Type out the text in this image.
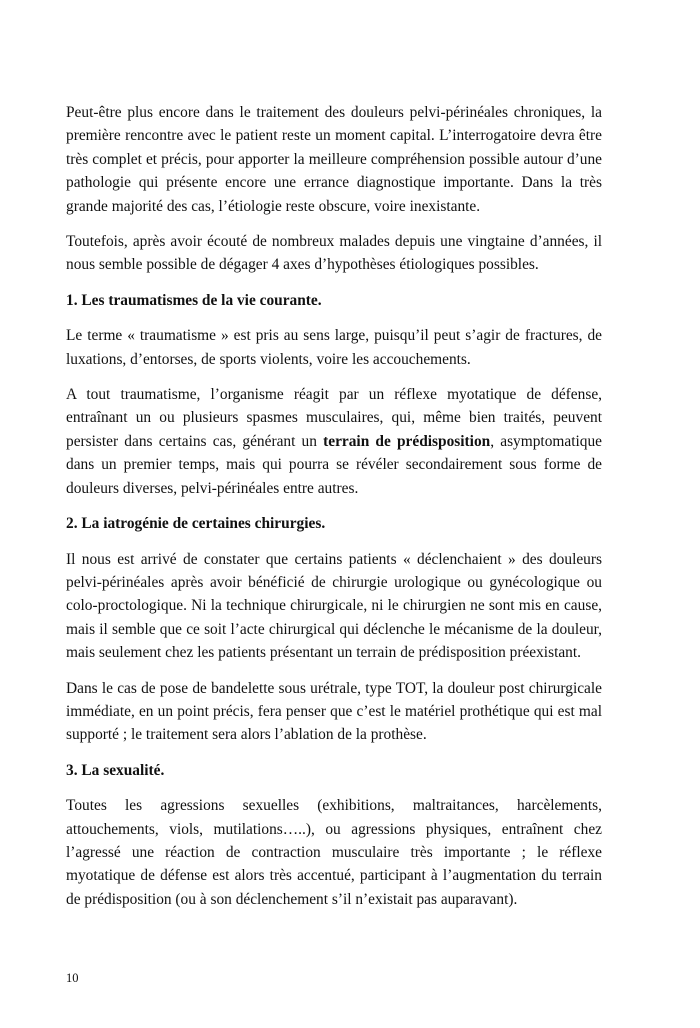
Peut-être plus encore dans le traitement des douleurs pelvi-périnéales chroniques, la première rencontre avec le patient reste un moment capital. L’interrogatoire devra être très complet et précis, pour apporter la meilleure compréhension possible autour d’une pathologie qui présente encore une errance diagnostique importante. Dans la très grande majorité des cas, l’étiologie reste obscure, voire inexistante.

Toutefois, après avoir écouté de nombreux malades depuis une vingtaine d’années, il nous semble possible de dégager 4 axes d’hypothèses étiologiques possibles.

1. Les traumatismes de la vie courante.

Le terme « traumatisme » est pris au sens large, puisqu’il peut s’agir de fractures, de luxations, d’entorses, de sports violents, voire les accouchements.

A tout traumatisme, l’organisme réagit par un réflexe myotatique de défense, entraînant un ou plusieurs spasmes musculaires, qui, même bien traités, peuvent persister dans certains cas, générant un terrain de prédisposition, asymptomatique dans un premier temps, mais qui pourra se révéler secondairement sous forme de douleurs diverses, pelvi-périnéales entre autres.

2. La iatrogénie de certaines chirurgies.

Il nous est arrivé de constater que certains patients « déclenchaient » des douleurs pelvi-périnéales après avoir bénéficié de chirurgie urologique ou gynécologique ou colo-proctologique. Ni la technique chirurgicale, ni le chirurgien ne sont mis en cause, mais il semble que ce soit l’acte chirurgical qui déclenche le mécanisme de la douleur, mais seulement chez les patients présentant un terrain de prédisposition préexistant.

Dans le cas de pose de bandelette sous urétrale, type TOT, la douleur post chirurgicale immédiate, en un point précis, fera penser que c’est le matériel prothétique qui est mal supporté ; le traitement sera alors l’ablation de la prothèse.

3. La sexualité.

Toutes les agressions sexuelles (exhibitions, maltraitances, harcèlements, attouchements, viols, mutilations…..), ou agressions physiques, entraînent chez l’agressé une réaction de contraction musculaire très importante ; le réflexe myotatique de défense est alors très accentué, participant à l’augmentation du terrain de prédisposition (ou à son déclenchement s’il n’existait pas auparavant).

10
